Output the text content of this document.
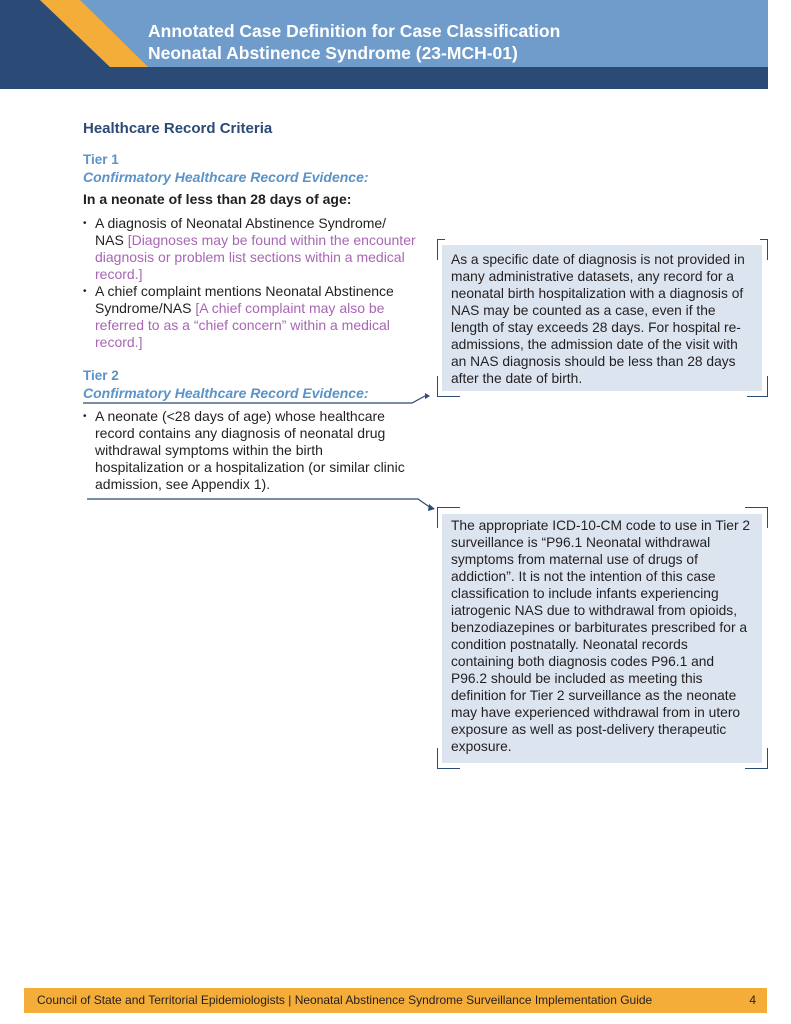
Annotated Case Definition for Case Classification
Neonatal Abstinence Syndrome (23-MCH-01)
Healthcare Record Criteria
Tier 1
Confirmatory Healthcare Record Evidence:
In a neonate of less than 28 days of age:
• A diagnosis of Neonatal Abstinence Syndrome/ NAS [Diagnoses may be found within the encounter diagnosis or problem list sections within a medical record.]
• A chief complaint mentions Neonatal Abstinence Syndrome/NAS [A chief complaint may also be referred to as a “chief concern” within a medical record.]
Tier 2
Confirmatory Healthcare Record Evidence:
• A neonate (<28 days of age) whose healthcare record contains any diagnosis of neonatal drug withdrawal symptoms within the birth hospitalization or a hospitalization (or similar clinic admission, see Appendix 1).
As a specific date of diagnosis is not provided in many administrative datasets, any record for a neonatal birth hospitalization with a diagnosis of NAS may be counted as a case, even if the length of stay exceeds 28 days. For hospital re-admissions, the admission date of the visit with an NAS diagnosis should be less than 28 days after the date of birth.
The appropriate ICD-10-CM code to use in Tier 2 surveillance is “P96.1 Neonatal withdrawal symptoms from maternal use of drugs of addiction”. It is not the intention of this case classification to include infants experiencing iatrogenic NAS due to withdrawal from opioids, benzodiazepines or barbiturates prescribed for a condition postnatally. Neonatal records containing both diagnosis codes P96.1 and P96.2 should be included as meeting this definition for Tier 2 surveillance as the neonate may have experienced withdrawal from in utero exposure as well as post-delivery therapeutic exposure.
Council of State and Territorial Epidemiologists | Neonatal Abstinence Syndrome Surveillance Implementation Guide	4
